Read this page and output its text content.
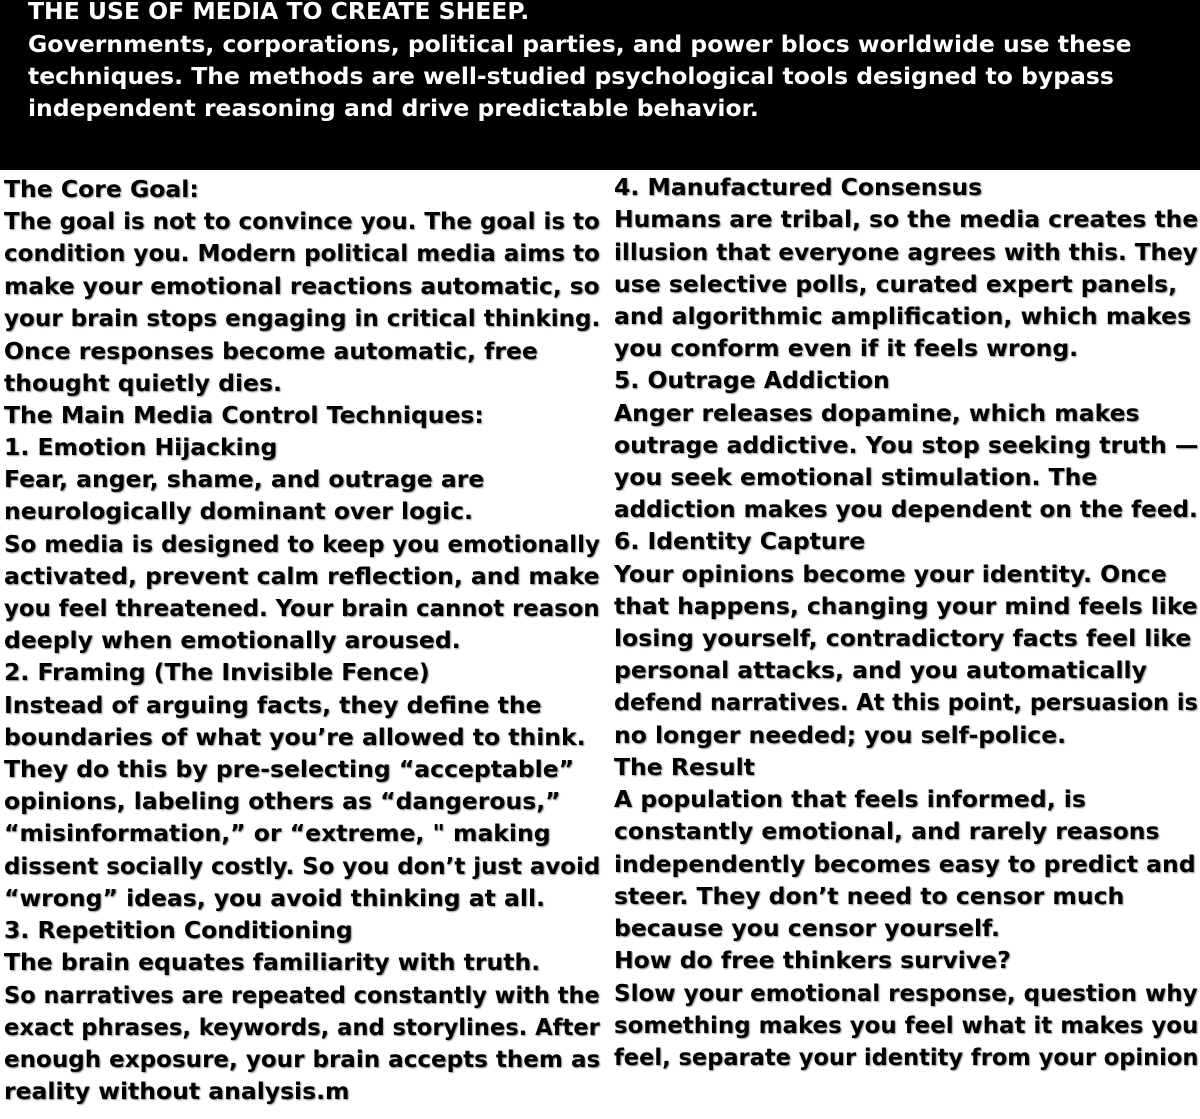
THE USE OF MEDIA TO CREATE SHEEP.
Governments, corporations, political parties, and power blocs worldwide use these
techniques. The methods are well-studied psychological tools designed to bypass
independent reasoning and drive predictable behavior.
The Core Goal:
The goal is not to convince you. The goal is to
condition you. Modern political media aims to
make your emotional reactions automatic, so
your brain stops engaging in critical thinking.
Once responses become automatic, free
thought quietly dies.
The Main Media Control Techniques:
1. Emotion Hijacking
Fear, anger, shame, and outrage are
neurologically dominant over logic.
So media is designed to keep you emotionally
activated, prevent calm reflection, and make
you feel threatened. Your brain cannot reason
deeply when emotionally aroused.
2. Framing (The Invisible Fence)
Instead of arguing facts, they define the
boundaries of what you’re allowed to think.
They do this by pre-selecting “acceptable”
opinions, labeling others as “dangerous,”
“misinformation,” or “extreme, " making
dissent socially costly. So you don’t just avoid
“wrong” ideas, you avoid thinking at all.
3. Repetition Conditioning
The brain equates familiarity with truth.
So narratives are repeated constantly with the
exact phrases, keywords, and storylines. After
enough exposure, your brain accepts them as
reality without analysis.m
4. Manufactured Consensus
Humans are tribal, so the media creates the
illusion that everyone agrees with this. They
use selective polls, curated expert panels,
and algorithmic amplification, which makes
you conform even if it feels wrong.
5. Outrage Addiction
Anger releases dopamine, which makes
outrage addictive. You stop seeking truth —
you seek emotional stimulation. The
addiction makes you dependent on the feed.
6. Identity Capture
Your opinions become your identity. Once
that happens, changing your mind feels like
losing yourself, contradictory facts feel like
personal attacks, and you automatically
defend narratives. At this point, persuasion is
no longer needed; you self-police.
The Result
A population that feels informed, is
constantly emotional, and rarely reasons
independently becomes easy to predict and
steer. They don’t need to censor much
because you censor yourself.
How do free thinkers survive?
Slow your emotional response, question why
something makes you feel what it makes you
feel, separate your identity from your opinion
